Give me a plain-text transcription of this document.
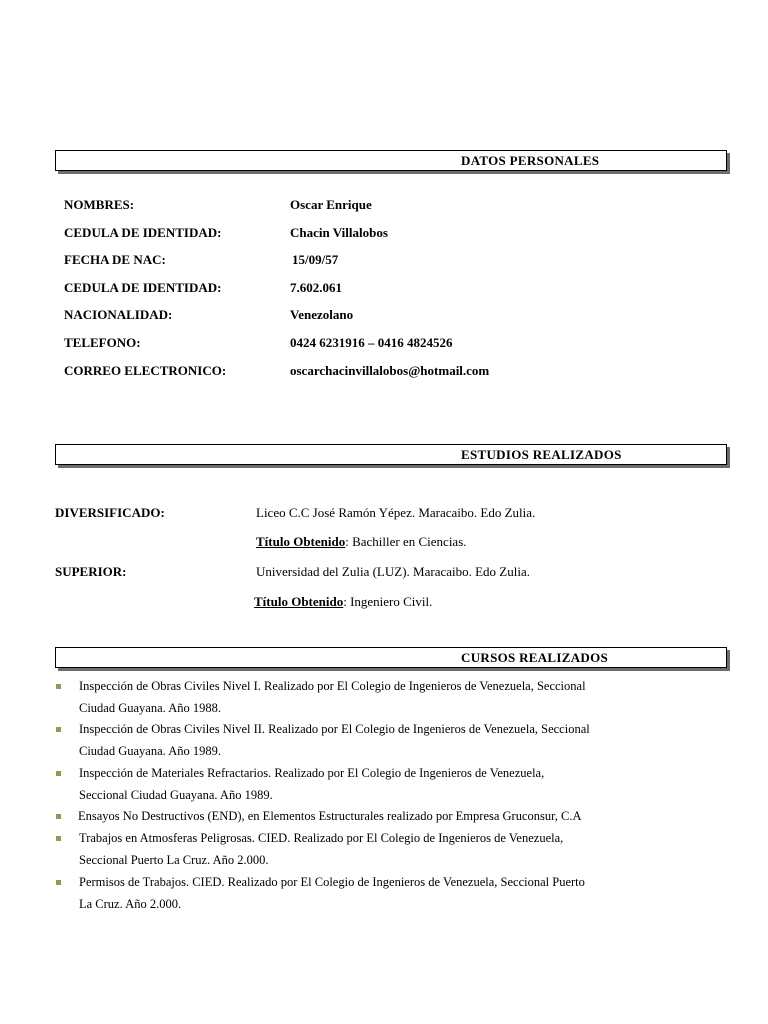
DATOS PERSONALES
NOMBRES:	Oscar Enrique
CEDULA DE IDENTIDAD:	Chacin Villalobos
FECHA DE NAC:	15/09/57
CEDULA DE IDENTIDAD:	7.602.061
NACIONALIDAD:	Venezolano
TELEFONO:	0424 6231916 – 0416 4824526
CORREO ELECTRONICO:	oscarchacinvillalobos@hotmail.com
ESTUDIOS REALIZADOS
DIVERSIFICADO:	Liceo C.C José Ramón Yépez. Maracaibo. Edo Zulia.
Título Obtenido: Bachiller en Ciencias.
SUPERIOR:	Universidad del Zulia (LUZ). Maracaibo. Edo Zulia.
Título Obtenido: Ingeniero Civil.
CURSOS REALIZADOS
Inspección de Obras Civiles Nivel I. Realizado por El Colegio de Ingenieros de Venezuela, Seccional
Ciudad Guayana. Año 1988.
Inspección de Obras Civiles Nivel II. Realizado por El Colegio de Ingenieros de Venezuela, Seccional
Ciudad Guayana. Año 1989.
Inspección de Materiales Refractarios. Realizado por El Colegio de Ingenieros de Venezuela,
Seccional Ciudad Guayana. Año 1989.
Ensayos No Destructivos (END), en Elementos Estructurales realizado por Empresa Gruconsur, C.A
Trabajos en Atmosferas Peligrosas. CIED. Realizado por El Colegio de Ingenieros de Venezuela,
Seccional Puerto La Cruz. Año 2.000.
Permisos de Trabajos. CIED. Realizado por El Colegio de Ingenieros de Venezuela, Seccional Puerto
La Cruz. Año 2.000.
